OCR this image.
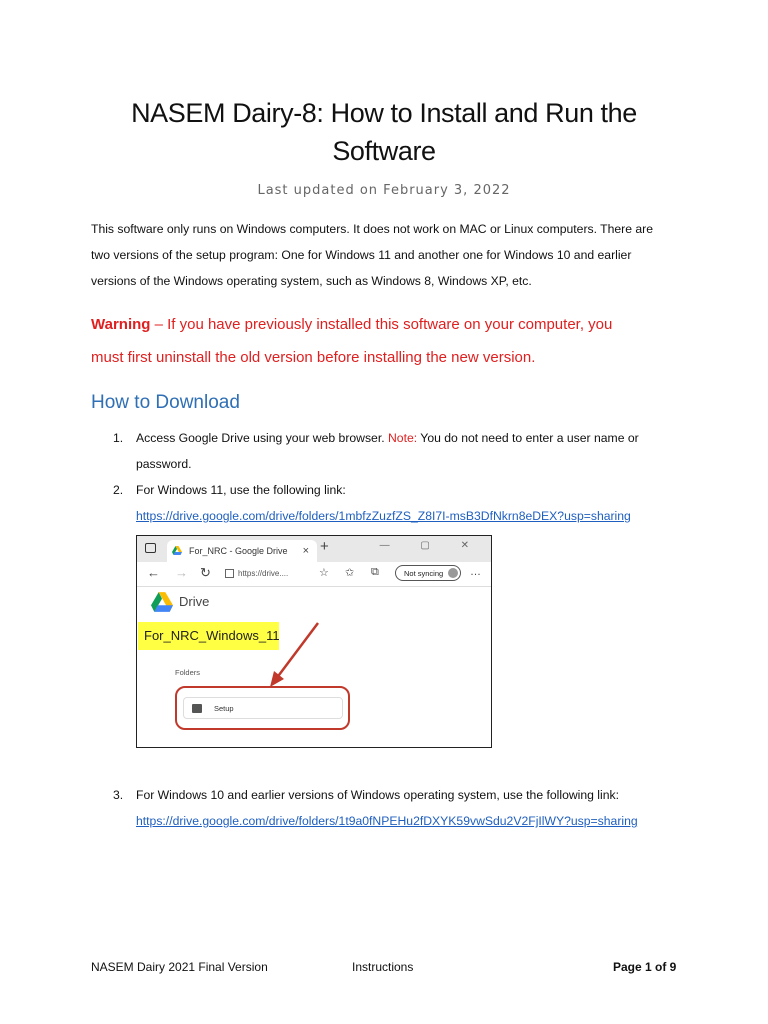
NASEM Dairy-8: How to Install and Run the
Software
Last updated on February 3, 2022
This software only runs on Windows computers. It does not work on MAC or Linux computers. There are
two versions of the setup program: One for Windows 11 and another one for Windows 10 and earlier
versions of the Windows operating system, such as Windows 8, Windows XP, etc.
Warning – If you have previously installed this software on your computer, you
must first uninstall the old version before installing the new version.
How to Download
1. Access Google Drive using your web browser. Note: You do not need to enter a user name or
password.
2. For Windows 11, use the following link:
https://drive.google.com/drive/folders/1mbfzZuzfZS_Z8I7I-msB3DfNkrn8eDEX?usp=sharing
For_NRC - Google Drive × +	— ▢ ✕
← → ↻	https://drive....	☆ ✩ ⧉	Not syncing	…
Drive
For_NRC_Windows_11
Folders
Setup
3. For Windows 10 and earlier versions of Windows operating system, use the following link:
https://drive.google.com/drive/folders/1t9a0fNPEHu2fDXYK59vwSdu2V2FjIlWY?usp=sharing
NASEM Dairy 2021 Final Version	Instructions	Page 1 of 9
